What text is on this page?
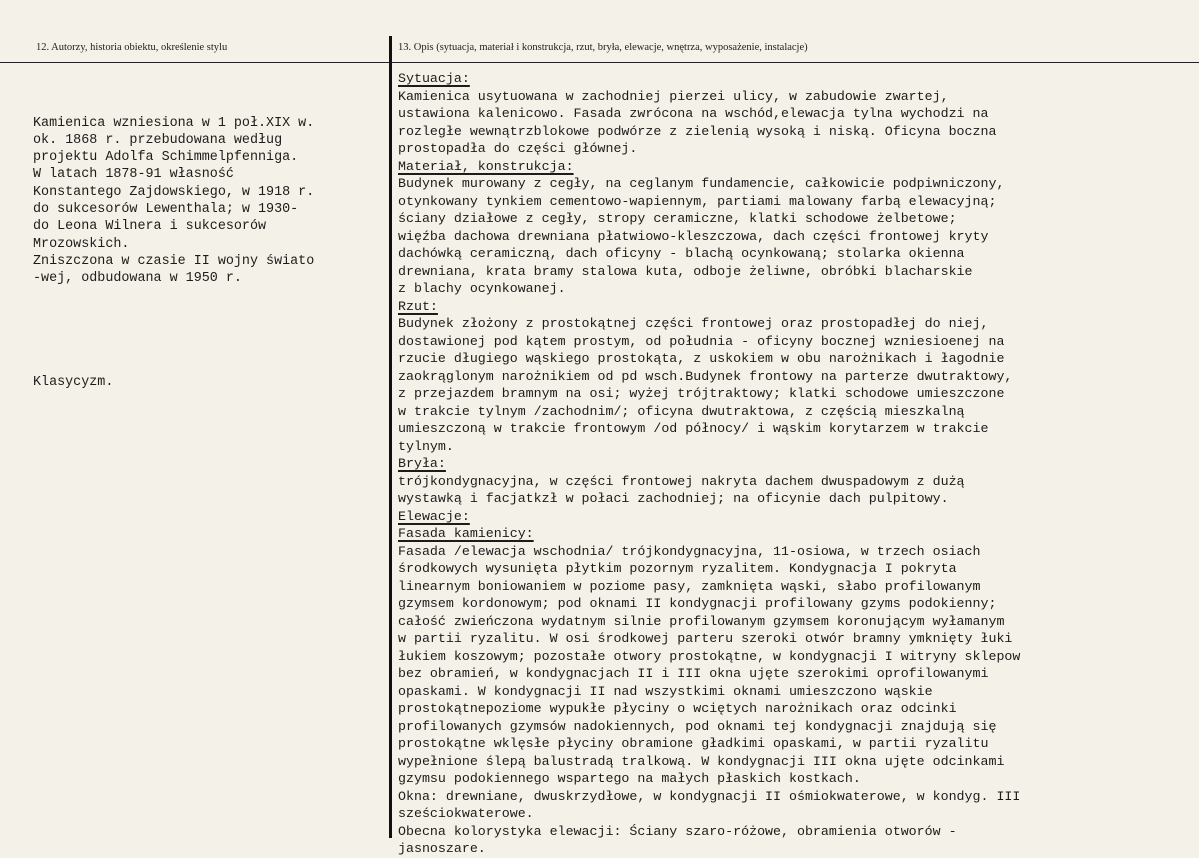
12. Autorzy, historia obiektu, określenie stylu	13. Opis (sytuacja, materiał i konstrukcja, rzut, bryła, elewacje, wnętrza, wyposażenie, instalacje)

Kamienica wzniesiona w 1 poł.XIX w.
ok. 1868 r. przebudowana według
projektu Adolfa Schimmelpfenniga.
W latach 1878-91 własność
Konstantego Zajdowskiego, w 1918 r.
do sukcesorów Lewenthala; w 1930-
do Leona Wilnera i sukcesorów
Mrozowskich.
Zniszczona w czasie II wojny świato
-wej, odbudowana w 1950 r.

Klasycyzm.

Sytuacja:
Kamienica usytuowana w zachodniej pierzei ulicy, w zabudowie zwartej,
ustawiona kalenicowo. Fasada zwrócona na wschód,elewacja tylna wychodzi na
rozległe wewnątrzblokowe podwórze z zielenią wysoką i niską. Oficyna boczna
prostopadła do części głównej.
Materiał, konstrukcja:
Budynek murowany z cegły, na ceglanym fundamencie, całkowicie podpiwniczony,
otynkowany tynkiem cementowo-wapiennym, partiami malowany farbą elewacyjną;
ściany działowe z cegły, stropy ceramiczne, klatki schodowe żelbetowe;
więźba dachowa drewniana płatwiowo-kleszczowa, dach części frontowej kryty
dachówką ceramiczną, dach oficyny - blachą ocynkowaną; stolarka okienna
drewniana, krata bramy stalowa kuta, odboje żeliwne, obróbki blacharskie
z blachy ocynkowanej.
Rzut:
Budynek złożony z prostokątnej części frontowej oraz prostopadłej do niej,
dostawionej pod kątem prostym, od południa - oficyny bocznej wzniesioenej na
rzucie długiego wąskiego prostokąta, z uskokiem w obu narożnikach i łagodnie
zaokrąglonym narożnikiem od pd wsch.Budynek frontowy na parterze dwutraktowy,
z przejazdem bramnym na osi; wyżej trójtraktowy; klatki schodowe umieszczone
w trakcie tylnym /zachodnim/; oficyna dwutraktowa, z częścią mieszkalną
umieszczoną w trakcie frontowym /od północy/ i wąskim korytarzem w trakcie
tylnym.
Bryła:
trójkondygnacyjna, w części frontowej nakryta dachem dwuspadowym z dużą
wystawką i facjatkzł w połaci zachodniej; na oficynie dach pulpitowy.
Elewacje:
Fasada kamienicy:
Fasada /elewacja wschodnia/ trójkondygnacyjna, 11-osiowa, w trzech osiach
środkowych wysunięta płytkim pozornym ryzalitem. Kondygnacja I pokryta
linearnym boniowaniem w poziome pasy, zamknięta wąski, słabo profilowanym
gzymsem kordonowym; pod oknami II kondygnacji profilowany gzyms podokienny;
całość zwieńczona wydatnym silnie profilowanym gzymsem koronującym wyłamanym
w partii ryzalitu. W osi środkowej parteru szeroki otwór bramny ymknięty łuki
łukiem koszowym; pozostałe otwory prostokątne, w kondygnacji I witryny sklepow
bez obramień, w kondygnacjach II i III okna ujęte szerokimi oprofilowanymi
opaskami. W kondygnacji II nad wszystkimi oknami umieszczono wąskie
prostokątnepoziome wypukłe płyciny o wciętych narożnikach oraz odcinki
profilowanych gzymsów nadokiennych, pod oknami tej kondygnacji znajdują się
prostokątne wklęsłe płyciny obramione gładkimi opaskami, w partii ryzalitu
wypełnione ślepą balustradą tralkową. W kondygnacji III okna ujęte odcinkami
gzymsu podokiennego wspartego na małych płaskich kostkach.
Okna: drewniane, dwuskrzydłowe, w kondygnacji II ośmiokwaterowe, w kondyg. III
sześciokwaterowe.
Obecna kolorystyka elewacji: Ściany szaro-różowe, obramienia otworów -
jasnoszare.
